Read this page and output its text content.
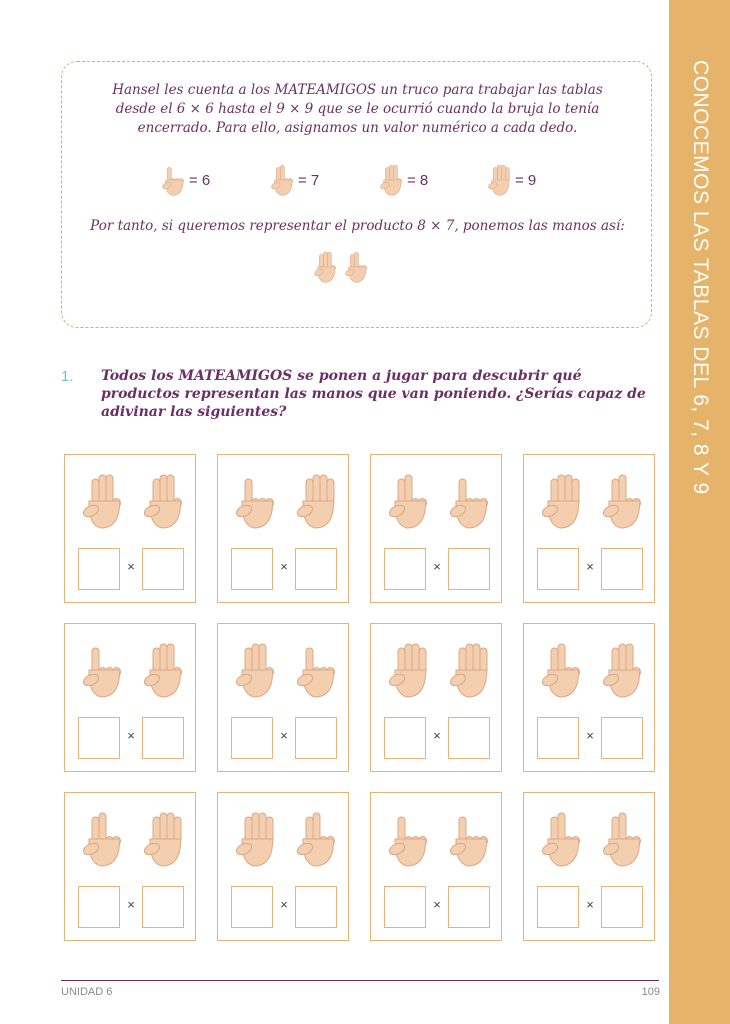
CONOCEMOS LAS TABLAS DEL 6, 7, 8 Y 9

Hansel les cuenta a los MATEAMIGOS un truco para trabajar las tablas desde el 6 × 6 hasta el 9 × 9 que se le ocurrió cuando la bruja lo tenía encerrado. Para ello, asignamos un valor numérico a cada dedo.

= 6	= 7	= 8	= 9

Por tanto, si queremos representar el producto 8 × 7, ponemos las manos así:

1. Todos los MATEAMIGOS se ponen a jugar para descubrir qué productos representan las manos que van poniendo. ¿Serías capaz de adivinar las siguientes?

×	×	×	×
×	×	×	×
×	×	×	×
UNIDAD 6	109
